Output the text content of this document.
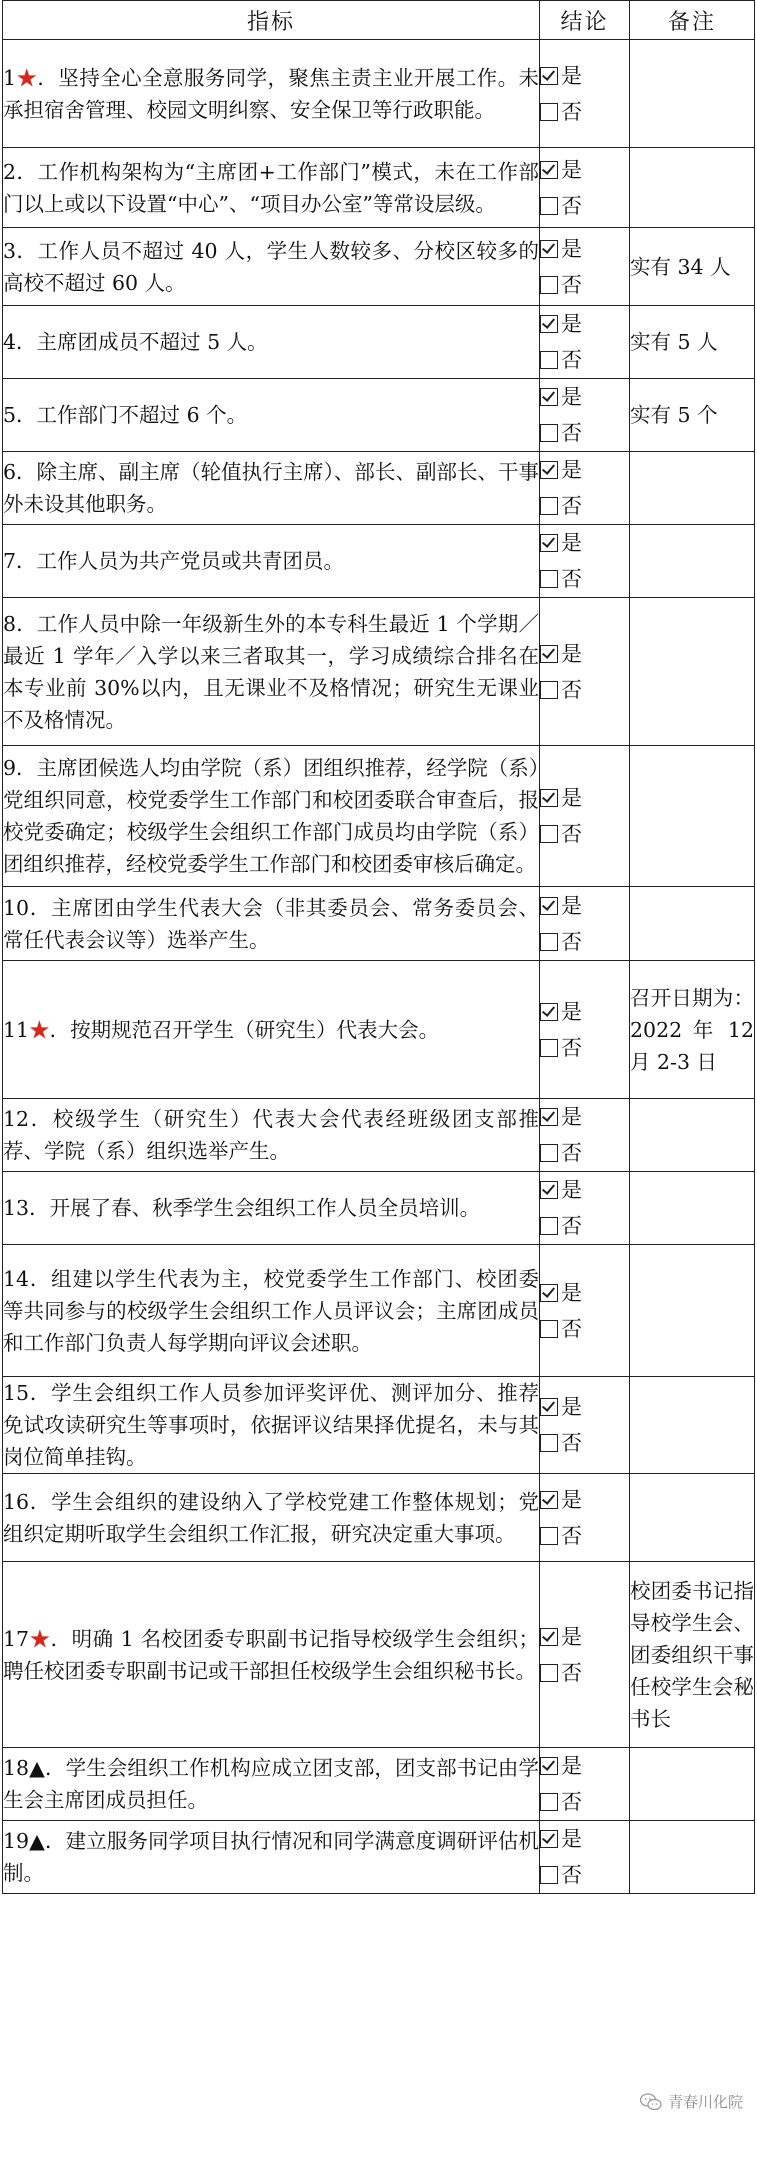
指标	结论	备注
1★．坚持全心全意服务同学，聚焦主责主业开展工作。未承担宿舍管理、校园文明纠察、安全保卫等行政职能。	是
否	

2．工作机构架构为“主席团+工作部门”模式，未在工作部门以上或以下设置“中心”、“项目办公室”等常设层级。	是
否	

3．工作人员不超过 40 人，学生人数较多、分校区较多的高校不超过 60 人。	是
否	实有 34 人
4．主席团成员不超过 5 人。	是
否	实有 5 人
5．工作部门不超过 6 个。	是
否	实有 5 个
6．除主席、副主席（轮值执行主席）、部长、副部长、干事外未设其他职务。	是
否	

7．工作人员为共产党员或共青团员。	是
否	

8．工作人员中除一年级新生外的本专科生最近 1 个学期／最近 1 学年／入学以来三者取其一，学习成绩综合排名在本专业前 30%以内，且无课业不及格情况；研究生无课业不及格情况。	是
否	

9．主席团候选人均由学院（系）团组织推荐，经学院（系）党组织同意，校党委学生工作部门和校团委联合审查后，报校党委确定；校级学生会组织工作部门成员均由学院（系）团组织推荐，经校党委学生工作部门和校团委审核后确定。	是
否	

10．主席团由学生代表大会（非其委员会、常务委员会、常任代表会议等）选举产生。	是
否	

11★．按期规范召开学生（研究生）代表大会。	是
否	召开日期为：2022 年 12 月 2-3 日
12．校级学生（研究生）代表大会代表经班级团支部推荐、学院（系）组织选举产生。	是
否	

13．开展了春、秋季学生会组织工作人员全员培训。	是
否	

14．组建以学生代表为主，校党委学生工作部门、校团委等共同参与的校级学生会组织工作人员评议会；主席团成员和工作部门负责人每学期向评议会述职。	是
否	

15．学生会组织工作人员参加评奖评优、测评加分、推荐免试攻读研究生等事项时，依据评议结果择优提名，未与其岗位简单挂钩。	是
否	

16．学生会组织的建设纳入了学校党建工作整体规划；党组织定期听取学生会组织工作汇报，研究决定重大事项。	是
否	

17★．明确 1 名校团委专职副书记指导校级学生会组织；聘任校团委专职副书记或干部担任校级学生会组织秘书长。	是
否	校团委书记指导校学生会、团委组织干事任校学生会秘书长
18▲．学生会组织工作机构应成立团支部，团支部书记由学生会主席团成员担任。	是
否	

19▲．建立服务同学项目执行情况和同学满意度调研评估机制。	是
否	

青春川化院
